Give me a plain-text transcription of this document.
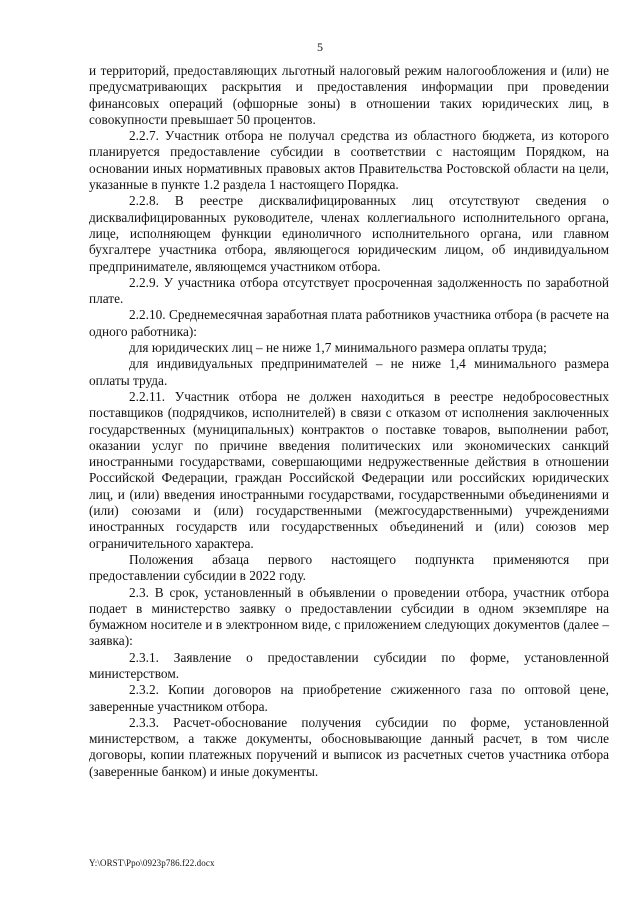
5

и территорий, предоставляющих льготный налоговый режим налогообложения и (или) не предусматривающих раскрытия и предоставления информации при проведении финансовых операций (офшорные зоны) в отношении таких юридических лиц, в совокупности превышает 50 процентов.

2.2.7. Участник отбора не получал средства из областного бюджета, из которого планируется предоставление субсидии в соответствии с настоящим Порядком, на основании иных нормативных правовых актов Правительства Ростовской области на цели, указанные в пункте 1.2 раздела 1 настоящего Порядка.

2.2.8. В реестре дисквалифицированных лиц отсутствуют сведения о дисквалифицированных руководителе, членах коллегиального исполнительного органа, лице, исполняющем функции единоличного исполнительного органа, или главном бухгалтере участника отбора, являющегося юридическим лицом, об индивидуальном предпринимателе, являющемся участником отбора.

2.2.9. У участника отбора отсутствует просроченная задолженность по заработной плате.

2.2.10. Среднемесячная заработная плата работников участника отбора (в расчете на одного работника):

для юридических лиц – не ниже 1,7 минимального размера оплаты труда;

для индивидуальных предпринимателей – не ниже 1,4 минимального размера оплаты труда.

2.2.11. Участник отбора не должен находиться в реестре недобросовестных поставщиков (подрядчиков, исполнителей) в связи с отказом от исполнения заключенных государственных (муниципальных) контрактов о поставке товаров, выполнении работ, оказании услуг по причине введения политических или экономических санкций иностранными государствами, совершающими недружественные действия в отношении Российской Федерации, граждан Российской Федерации или российских юридических лиц, и (или) введения иностранными государствами, государственными объединениями и (или) союзами и (или) государственными (межгосударственными) учреждениями иностранных государств или государственных объединений и (или) союзов мер ограничительного характера.

Положения абзаца первого настоящего подпункта применяются при предоставлении субсидии в 2022 году.

2.3. В срок, установленный в объявлении о проведении отбора, участник отбора подает в министерство заявку о предоставлении субсидии в одном экземпляре на бумажном носителе и в электронном виде, с приложением следующих документов (далее – заявка):

2.3.1. Заявление о предоставлении субсидии по форме, установленной министерством.

2.3.2. Копии договоров на приобретение сжиженного газа по оптовой цене, заверенные участником отбора.

2.3.3. Расчет-обоснование получения субсидии по форме, установленной министерством, а также документы, обосновывающие данный расчет, в том числе договоры, копии платежных поручений и выписок из расчетных счетов участника отбора (заверенные банком) и иные документы.

Y:\ORST\Ppo\0923p786.f22.docx
